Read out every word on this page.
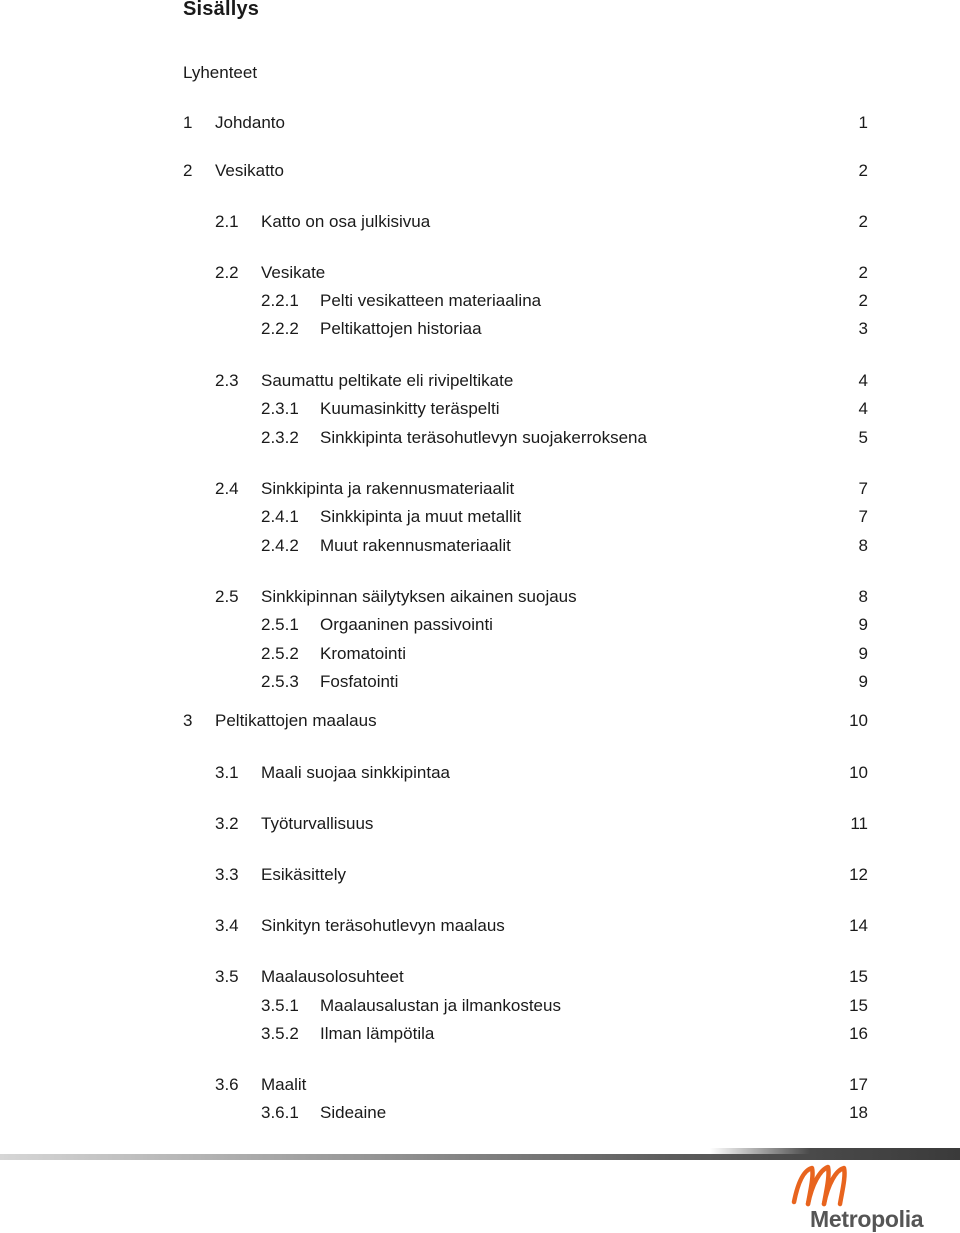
Sisällys
Lyhenteet
1 Johdanto	1
2 Vesikatto	2
2.1 Katto on osa julkisivua	2
2.2 Vesikate	2
2.2.1 Pelti vesikatteen materiaalina	2
2.2.2 Peltikattojen historiaa	3
2.3 Saumattu peltikate eli rivipeltikate	4
2.3.1 Kuumasinkitty teräspelti	4
2.3.2 Sinkkipinta teräsohutlevyn suojakerroksena	5
2.4 Sinkkipinta ja rakennusmateriaalit	7
2.4.1 Sinkkipinta ja muut metallit	7
2.4.2 Muut rakennusmateriaalit	8
2.5 Sinkkipinnan säilytyksen aikainen suojaus	8
2.5.1 Orgaaninen passivointi	9
2.5.2 Kromatointi	9
2.5.3 Fosfatointi	9
3 Peltikattojen maalaus	10
3.1 Maali suojaa sinkkipintaa	10
3.2 Työturvallisuus	11
3.3 Esikäsittely	12
3.4 Sinkityn teräsohutlevyn maalaus	14
3.5 Maalausolosuhteet	15
3.5.1 Maalausalustan ja ilmankosteus	15
3.5.2 Ilman lämpötila	16
3.6 Maalit	17
3.6.1 Sideaine	18
Metropolia
